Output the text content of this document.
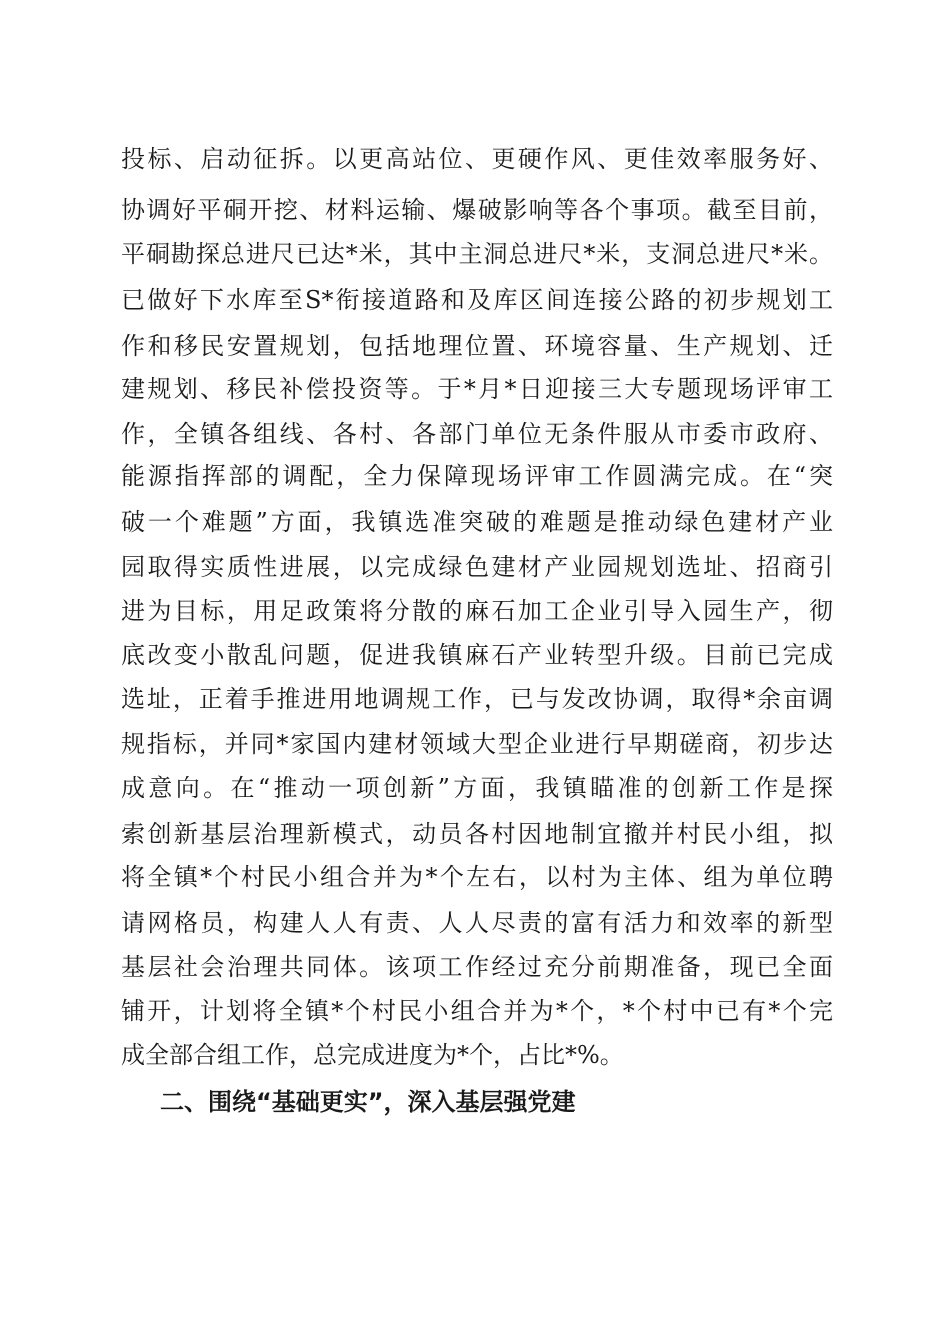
投标、启动征拆。以更高站位、更硬作风、更佳效率服务好、
协调好平硐开挖、材料运输、爆破影响等各个事项。截至目前，
平硐勘探总进尺已达*米，其中主洞总进尺*米，支洞总进尺*米。
已做好下水库至S*衔接道路和及库区间连接公路的初步规划工
作和移民安置规划，包括地理位置、环境容量、生产规划、迁
建规划、移民补偿投资等。于*月*日迎接三大专题现场评审工
作，全镇各组线、各村、各部门单位无条件服从市委市政府、
能源指挥部的调配，全力保障现场评审工作圆满完成。在“突
破一个难题”方面，我镇选准突破的难题是推动绿色建材产业
园取得实质性进展，以完成绿色建材产业园规划选址、招商引
进为目标，用足政策将分散的麻石加工企业引导入园生产，彻
底改变小散乱问题，促进我镇麻石产业转型升级。目前已完成
选址，正着手推进用地调规工作，已与发改协调，取得*余亩调
规指标，并同*家国内建材领域大型企业进行早期磋商，初步达
成意向。在“推动一项创新”方面，我镇瞄准的创新工作是探
索创新基层治理新模式，动员各村因地制宜撤并村民小组，拟
将全镇*个村民小组合并为*个左右，以村为主体、组为单位聘
请网格员，构建人人有责、人人尽责的富有活力和效率的新型
基层社会治理共同体。该项工作经过充分前期准备，现已全面
铺开，计划将全镇*个村民小组合并为*个，*个村中已有*个完
成全部合组工作，总完成进度为*个，占比*%。
二、围绕“基础更实”，深入基层强党建
